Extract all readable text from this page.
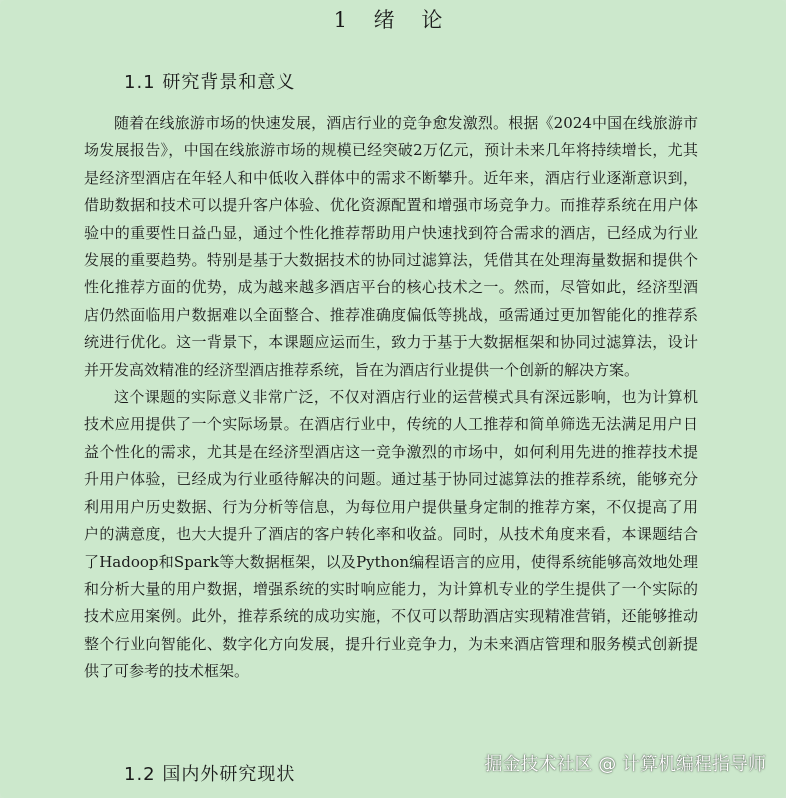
1 绪 论
1.1 研究背景和意义

随着在线旅游市场的快速发展，酒店行业的竞争愈发激烈。根据《2024中国在线旅游市场发展报告》，中国在线旅游市场的规模已经突破2万亿元，预计未来几年将持续增长，尤其是经济型酒店在年轻人和中低收入群体中的需求不断攀升。近年来，酒店行业逐渐意识到，借助数据和技术可以提升客户体验、优化资源配置和增强市场竞争力。而推荐系统在用户体验中的重要性日益凸显，通过个性化推荐帮助用户快速找到符合需求的酒店，已经成为行业发展的重要趋势。特别是基于大数据技术的协同过滤算法，凭借其在处理海量数据和提供个性化推荐方面的优势，成为越来越多酒店平台的核心技术之一。然而，尽管如此，经济型酒店仍然面临用户数据难以全面整合、推荐准确度偏低等挑战，亟需通过更加智能化的推荐系统进行优化。这一背景下，本课题应运而生，致力于基于大数据框架和协同过滤算法，设计并开发高效精准的经济型酒店推荐系统，旨在为酒店行业提供一个创新的解决方案。

这个课题的实际意义非常广泛，不仅对酒店行业的运营模式具有深远影响，也为计算机技术应用提供了一个实际场景。在酒店行业中，传统的人工推荐和简单筛选无法满足用户日益个性化的需求，尤其是在经济型酒店这一竞争激烈的市场中，如何利用先进的推荐技术提升用户体验，已经成为行业亟待解决的问题。通过基于协同过滤算法的推荐系统，能够充分利用用户历史数据、行为分析等信息，为每位用户提供量身定制的推荐方案，不仅提高了用户的满意度，也大大提升了酒店的客户转化率和收益。同时，从技术角度来看，本课题结合了Hadoop和Spark等大数据框架，以及Python编程语言的应用，使得系统能够高效地处理和分析大量的用户数据，增强系统的实时响应能力，为计算机专业的学生提供了一个实际的技术应用案例。此外，推荐系统的成功实施，不仅可以帮助酒店实现精准营销，还能够推动整个行业向智能化、数字化方向发展，提升行业竞争力，为未来酒店管理和服务模式创新提供了可参考的技术框架。

1.2 国内外研究现状	掘金技术社区 @ 计算机编程指导师
